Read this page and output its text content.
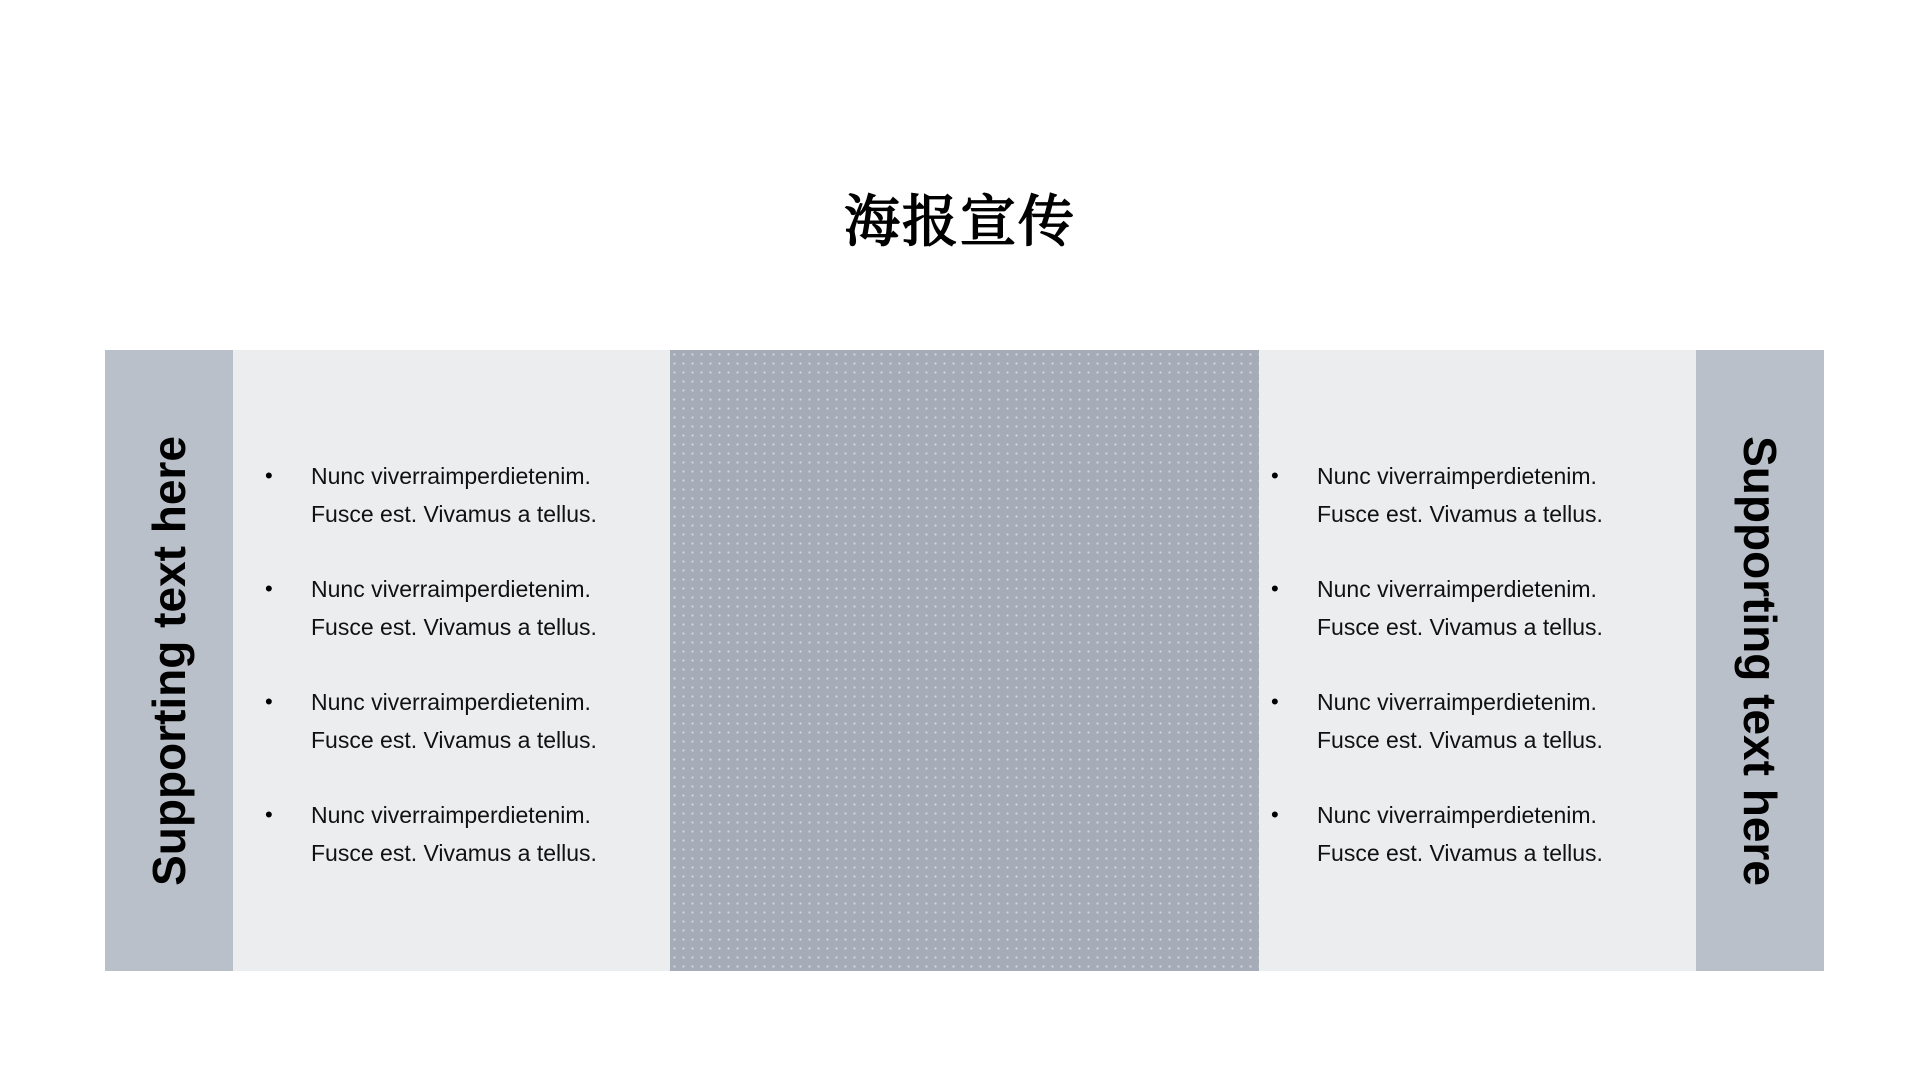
海报宣传
Supporting text here	• Nunc viverraimperdietenim.
Fusce est. Vivamus a tellus.
• Nunc viverraimperdietenim.
Fusce est. Vivamus a tellus.
• Nunc viverraimperdietenim.
Fusce est. Vivamus a tellus.
• Nunc viverraimperdietenim.
Fusce est. Vivamus a tellus.
• Nunc viverraimperdietenim.
Fusce est. Vivamus a tellus.
• Nunc viverraimperdietenim.
Fusce est. Vivamus a tellus.
• Nunc viverraimperdietenim.
Fusce est. Vivamus a tellus.
• Nunc viverraimperdietenim.
Fusce est. Vivamus a tellus.	Supporting text here
